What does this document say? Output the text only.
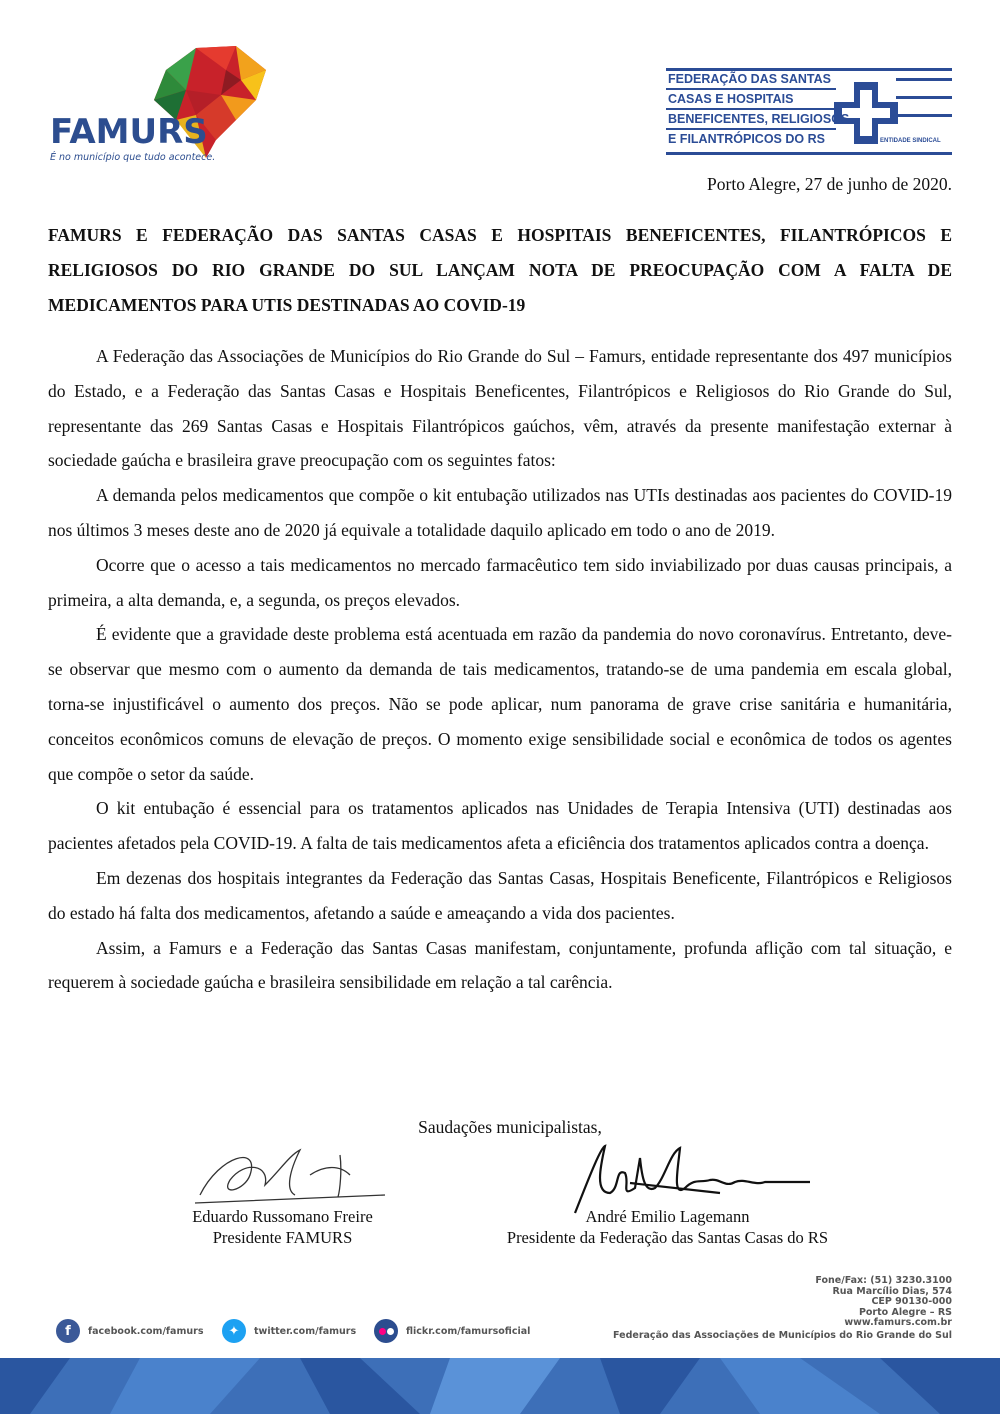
FAMURS
É no município que tudo acontece.
FEDERAÇÃO DAS SANTAS
CASAS E HOSPITAIS
BENEFICENTES, RELIGIOSOS
E FILANTRÓPICOS DO RS	ENTIDADE SINDICAL
Porto Alegre, 27 de junho de 2020.
FAMURS E FEDERAÇÃO DAS SANTAS CASAS E HOSPITAIS BENEFICENTES, FILANTRÓPICOS E RELIGIOSOS DO RIO GRANDE DO SUL LANÇAM NOTA DE PREOCUPAÇÃO COM A FALTA DE MEDICAMENTOS PARA UTIS DESTINADAS AO COVID-19

A Federação das Associações de Municípios do Rio Grande do Sul – Famurs, entidade representante dos 497 municípios do Estado, e a Federação das Santas Casas e Hospitais Beneficentes, Filantrópicos e Religiosos do Rio Grande do Sul, representante das 269 Santas Casas e Hospitais Filantrópicos gaúchos, vêm, através da presente manifestação externar à sociedade gaúcha e brasileira grave preocupação com os seguintes fatos:

A demanda pelos medicamentos que compõe o kit entubação utilizados nas UTIs destinadas aos pacientes do COVID-19 nos últimos 3 meses deste ano de 2020 já equivale a totalidade daquilo aplicado em todo o ano de 2019.

Ocorre que o acesso a tais medicamentos no mercado farmacêutico tem sido inviabilizado por duas causas principais, a primeira, a alta demanda, e, a segunda, os preços elevados.

É evidente que a gravidade deste problema está acentuada em razão da pandemia do novo coronavírus. Entretanto, deve-se observar que mesmo com o aumento da demanda de tais medicamentos, tratando-se de uma pandemia em escala global, torna-se injustificável o aumento dos preços. Não se pode aplicar, num panorama de grave crise sanitária e humanitária, conceitos econômicos comuns de elevação de preços. O momento exige sensibilidade social e econômica de todos os agentes que compõe o setor da saúde.

O kit entubação é essencial para os tratamentos aplicados nas Unidades de Terapia Intensiva (UTI) destinadas aos pacientes afetados pela COVID-19. A falta de tais medicamentos afeta a eficiência dos tratamentos aplicados contra a doença.

Em dezenas dos hospitais integrantes da Federação das Santas Casas, Hospitais Beneficente, Filantrópicos e Religiosos do estado há falta dos medicamentos, afetando a saúde e ameaçando a vida dos pacientes.

Assim, a Famurs e a Federação das Santas Casas manifestam, conjuntamente, profunda aflição com tal situação, e requerem à sociedade gaúcha e brasileira sensibilidade em relação a tal carência.

Saudações municipalistas,
Eduardo Russomano Freire
Presidente FAMURS
André Emilio Lagemann
Presidente da Federação das Santas Casas do RS
f	facebook.com/famurs	✦	twitter.com/famurs	flickr.com/famursoficial
Fone/Fax: (51) 3230.3100
Rua Marcílio Dias, 574
CEP 90130-000
Porto Alegre – RS
www.famurs.com.br
Federação das Associações de Municípios do Rio Grande do Sul
